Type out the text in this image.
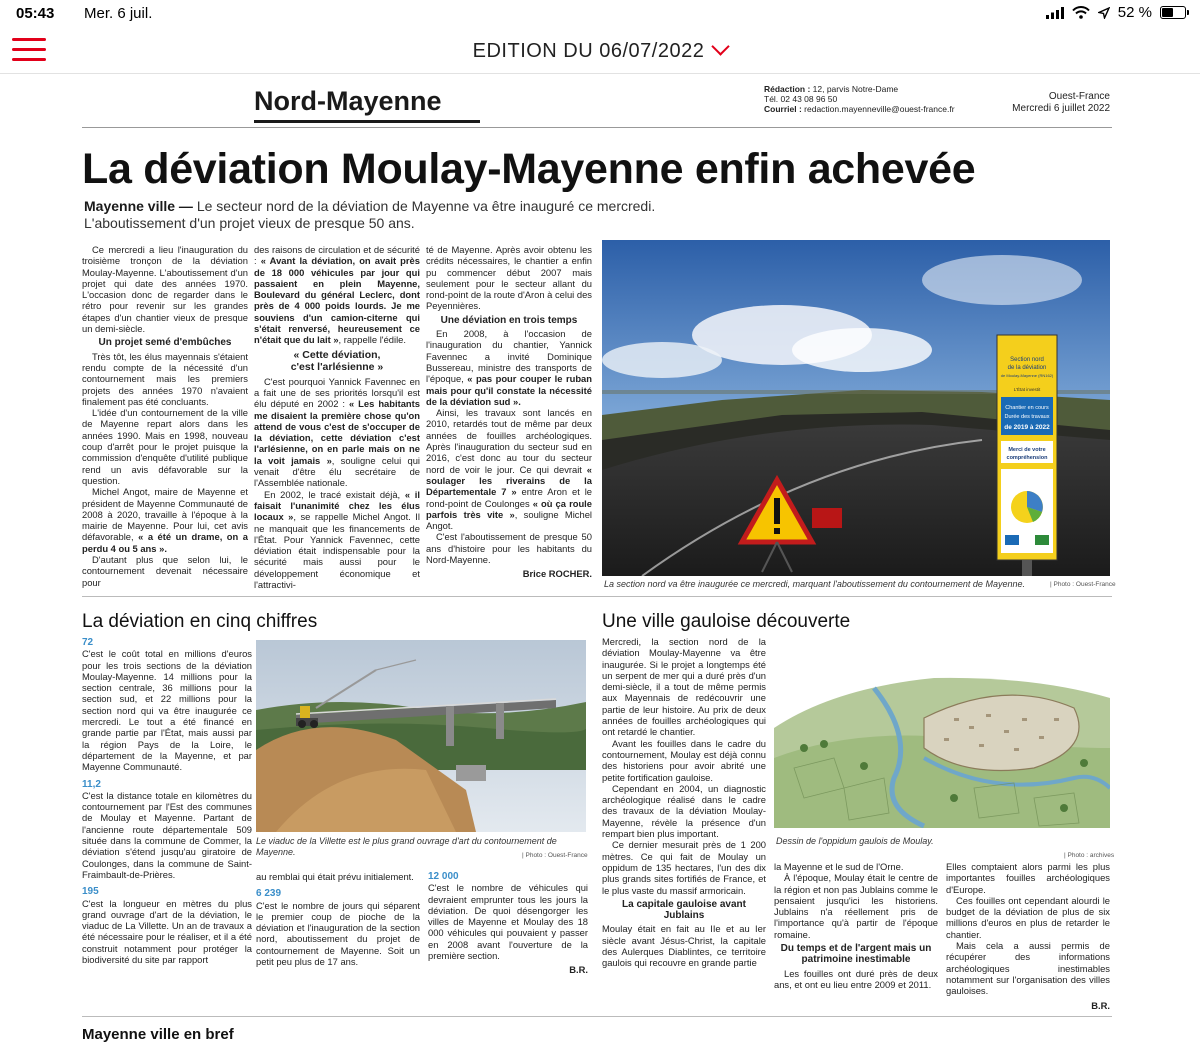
05:43 Mer. 6 juil.	52 %
EDITION DU 06/07/2022
Nord-Mayenne	Rédaction : 12, parvis Notre-Dame
Tél. 02 43 08 96 50
Courriel : redaction.mayenneville@ouest-france.fr
Ouest-France
Mercredi 6 juillet 2022
La déviation Moulay-Mayenne enfin achevée
Mayenne ville — Le secteur nord de la déviation de Mayenne va être inauguré ce mercredi. L'aboutissement d'un projet vieux de presque 50 ans.

Ce mercredi a lieu l'inauguration du troisième tronçon de la déviation Moulay-Mayenne. L'aboutissement d'un projet qui date des années 1970. L'occasion donc de regarder dans le rétro pour revenir sur les grandes étapes d'un chantier vieux de presque un demi-siècle.

Un projet semé d'embûches

Très tôt, les élus mayennais s'étaient rendu compte de la nécessité d'un contournement mais les premiers projets des années 1970 n'avaient finalement pas été concluants.

L'idée d'un contournement de la ville de Mayenne repart alors dans les années 1990. Mais en 1998, nouveau coup d'arrêt pour le projet puisque la commission d'enquête d'utilité publique rend un avis défavorable sur la question.

Michel Angot, maire de Mayenne et président de Mayenne Communauté de 2008 à 2020, travaille à l'époque à la mairie de Mayenne. Pour lui, cet avis défavorable, « a été un drame, on a perdu 4 ou 5 ans ».

D'autant plus que selon lui, le contournement devenait nécessaire pour

des raisons de circulation et de sécurité : « Avant la déviation, on avait près de 18 000 véhicules par jour qui passaient en plein Mayenne, Boulevard du général Leclerc, dont près de 4 000 poids lourds. Je me souviens d'un camion-citerne qui s'était renversé, heureusement ce n'était que du lait », rappelle l'édile.

« Cette déviation,
c'est l'arlésienne »

C'est pourquoi Yannick Favennec en a fait une de ses priorités lorsqu'il est élu député en 2002 : « Les habitants me disaient la première chose qu'on attend de vous c'est de s'occuper de la déviation, cette déviation c'est l'arlésienne, on en parle mais on ne la voit jamais », souligne celui qui venait d'être élu secrétaire de l'Assemblée nationale.

En 2002, le tracé existait déjà, « il faisait l'unanimité chez les élus locaux », se rappelle Michel Angot. Il ne manquait que les financements de l'État. Pour Yannick Favennec, cette déviation était indispensable pour la sécurité mais aussi pour le développement économique et l'attractivi-

té de Mayenne. Après avoir obtenu les crédits nécessaires, le chantier a enfin pu commencer début 2007 mais seulement pour le secteur allant du rond-point de la route d'Aron à celui des Peyennières.

Une déviation en trois temps

En 2008, à l'occasion de l'inauguration du chantier, Yannick Favennec a invité Dominique Bussereau, ministre des transports de l'époque, « pas pour couper le ruban mais pour qu'il constate la nécessité de la déviation sud ».

Ainsi, les travaux sont lancés en 2010, retardés tout de même par deux années de fouilles archéologiques. Après l'inauguration du secteur sud en 2016, c'est donc au tour du secteur nord de voir le jour. Ce qui devrait « soulager les riverains de la Départementale 7 » entre Aron et le rond-point de Coulonges « où ça roule parfois très vite », souligne Michel Angot.

C'est l'aboutissement de presque 50 ans d'histoire pour les habitants du Nord-Mayenne.

Brice ROCHER.
Section nord
de la déviation
de Moulay-Mayenne (RN162)
L'État investit
Chantier en cours
Durée des travaux
de 2019 à 2022
Merci de votre
compréhension
La section nord va être inaugurée ce mercredi, marquant l'aboutissement du contournement de Mayenne.	| Photo : Ouest-France
La déviation en cinq chiffres
72

C'est le coût total en millions d'euros pour les trois sections de la déviation Moulay-Mayenne. 14 millions pour la section centrale, 36 millions pour la section sud, et 22 millions pour la section nord qui va être inaugurée ce mercredi. Le tout a été financé en grande partie par l'État, mais aussi par la région Pays de la Loire, le département de la Mayenne, et par Mayenne Communauté.

11,2

C'est la distance totale en kilomètres du contournement par l'Est des communes de Moulay et Mayenne. Partant de l'ancienne route départementale 509 située dans la commune de Commer, la déviation s'étend jusqu'au giratoire de Coulonges, dans la commune de Saint-Fraimbault-de-Prières.

195

C'est la longueur en mètres du plus grand ouvrage d'art de la déviation, le viaduc de La Villette. Un an de travaux a été nécessaire pour le réaliser, et il a été construit notamment pour protéger la biodiversité du site par rapport

Le viaduc de la Villette est le plus grand ouvrage d'art du contournement de Mayenne.	| Photo : Ouest-France

au remblai qui était prévu initialement.

6 239

C'est le nombre de jours qui séparent le premier coup de pioche de la déviation et l'inauguration de la section nord, aboutissement du projet de contournement de Mayenne. Soit un petit peu plus de 17 ans.

12 000

C'est le nombre de véhicules qui devraient emprunter tous les jours la déviation. De quoi désengorger les villes de Mayenne et Moulay des 18 000 véhicules qui pouvaient y passer en 2008 avant l'ouverture de la première section.

B.R.
Une ville gauloise découverte

Mercredi, la section nord de la déviation Moulay-Mayenne va être inaugurée. Si le projet a longtemps été un serpent de mer qui a duré près d'un demi-siècle, il a tout de même permis aux Mayennais de redécouvrir une partie de leur histoire. Au prix de deux années de fouilles archéologiques qui ont retardé le chantier.

Avant les fouilles dans le cadre du contournement, Moulay est déjà connu des historiens pour avoir abrité une petite fortification gauloise.

Cependant en 2004, un diagnostic archéologique réalisé dans le cadre des travaux de la déviation Moulay-Mayenne, révèle la présence d'un rempart bien plus important.

Ce dernier mesurait près de 1 200 mètres. Ce qui fait de Moulay un oppidum de 135 hectares, l'un des dix plus grands sites fortifiés de France, et le plus vaste du massif armoricain.

La capitale gauloise avant Jublains

Moulay était en fait au IIe et au Ier siècle avant Jésus-Christ, la capitale des Aulerques Diablintes, ce territoire gaulois qui recouvre en grande partie

Dessin de l'oppidum gaulois de Moulay.
| Photo : archives

la Mayenne et le sud de l'Orne.

À l'époque, Moulay était le centre de la région et non pas Jublains comme le pensaient jusqu'ici les historiens. Jublains n'a réellement pris de l'importance qu'à partir de l'époque romaine.

Du temps et de l'argent mais un patrimoine inestimable

Les fouilles ont duré près de deux ans, et ont eu lieu entre 2009 et 2011.

Elles comptaient alors parmi les plus importantes fouilles archéologiques d'Europe.

Ces fouilles ont cependant alourdi le budget de la déviation de plus de six millions d'euros en plus de retarder le chantier.

Mais cela a aussi permis de récupérer des informations archéologiques inestimables notamment sur l'organisation des villes gauloises.

B.R.
Mayenne ville en bref
